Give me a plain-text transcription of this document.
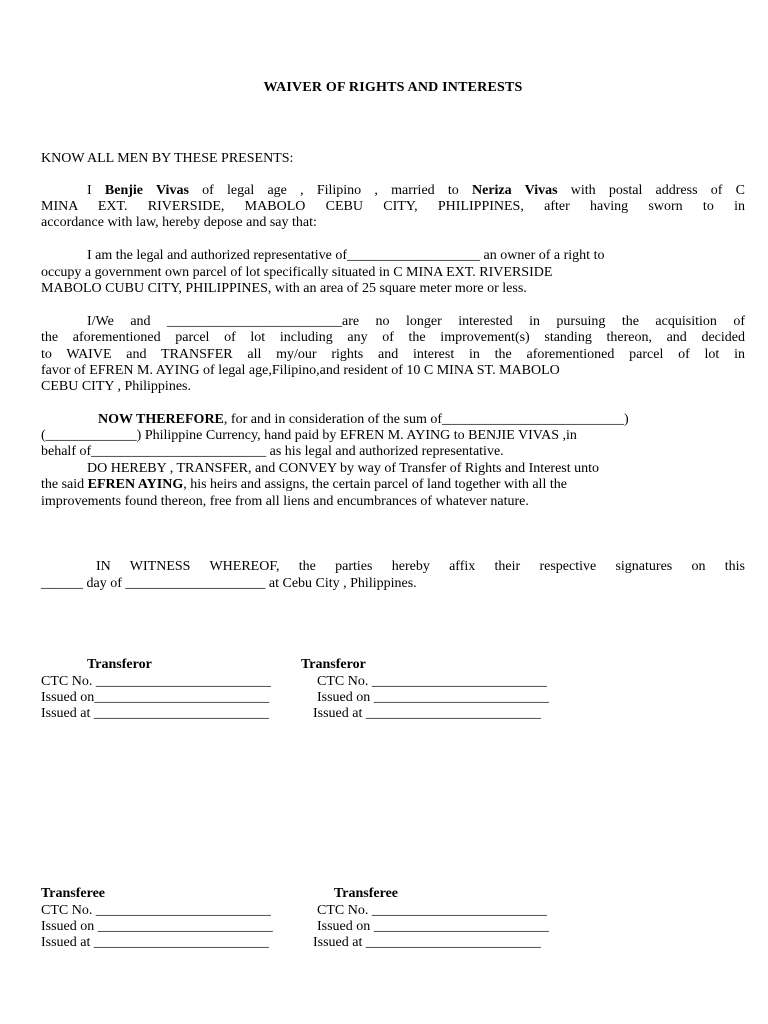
WAIVER OF RIGHTS AND INTERESTS
KNOW ALL MEN BY THESE PRESENTS:
I Benjie Vivas of legal age , Filipino , married to Neriza Vivas with postal address of C
MINA EXT. RIVERSIDE, MABOLO CEBU CITY, PHILIPPINES, after having sworn to in
accordance with law, hereby depose and say that:
I am the legal and authorized representative of___________________ an owner of a right to
occupy a government own parcel of lot specifically situated in C MINA EXT. RIVERSIDE
MABOLO CUBU CITY, PHILIPPINES, with an area of 25 square meter more or less.
I/We and _________________________are no longer interested in pursuing the acquisition of
the aforementioned parcel of lot including any of the improvement(s) standing thereon, and decided
to WAIVE and TRANSFER all my/our rights and interest in the aforementioned parcel of lot in
favor of EFREN M. AYING of legal age,Filipino,and resident of 10 C MINA ST. MABOLO
CEBU CITY , Philippines.
NOW THEREFORE, for and in consideration of the sum of__________________________)
(_____________) Philippine Currency, hand paid by EFREN M. AYING to BENJIE VIVAS ,in
behalf of_________________________ as his legal and authorized representative.
DO HEREBY , TRANSFER, and CONVEY by way of Transfer of Rights and Interest unto
the said EFREN AYING, his heirs and assigns, the certain parcel of land together with all the
improvements found thereon, free from all liens and encumbrances of whatever nature.
IN WITNESS WHEREOF, the parties hereby affix their respective signatures on this
______ day of ____________________ at Cebu City , Philippines.
Transferor	Transferor
CTC No. _________________________	CTC No. _________________________
Issued on_________________________	Issued on _________________________
Issued at _________________________	Issued at _________________________
Transferee	Transferee
CTC No. _________________________	CTC No. _________________________
Issued on _________________________	Issued on _________________________
Issued at _________________________	Issued at _________________________
